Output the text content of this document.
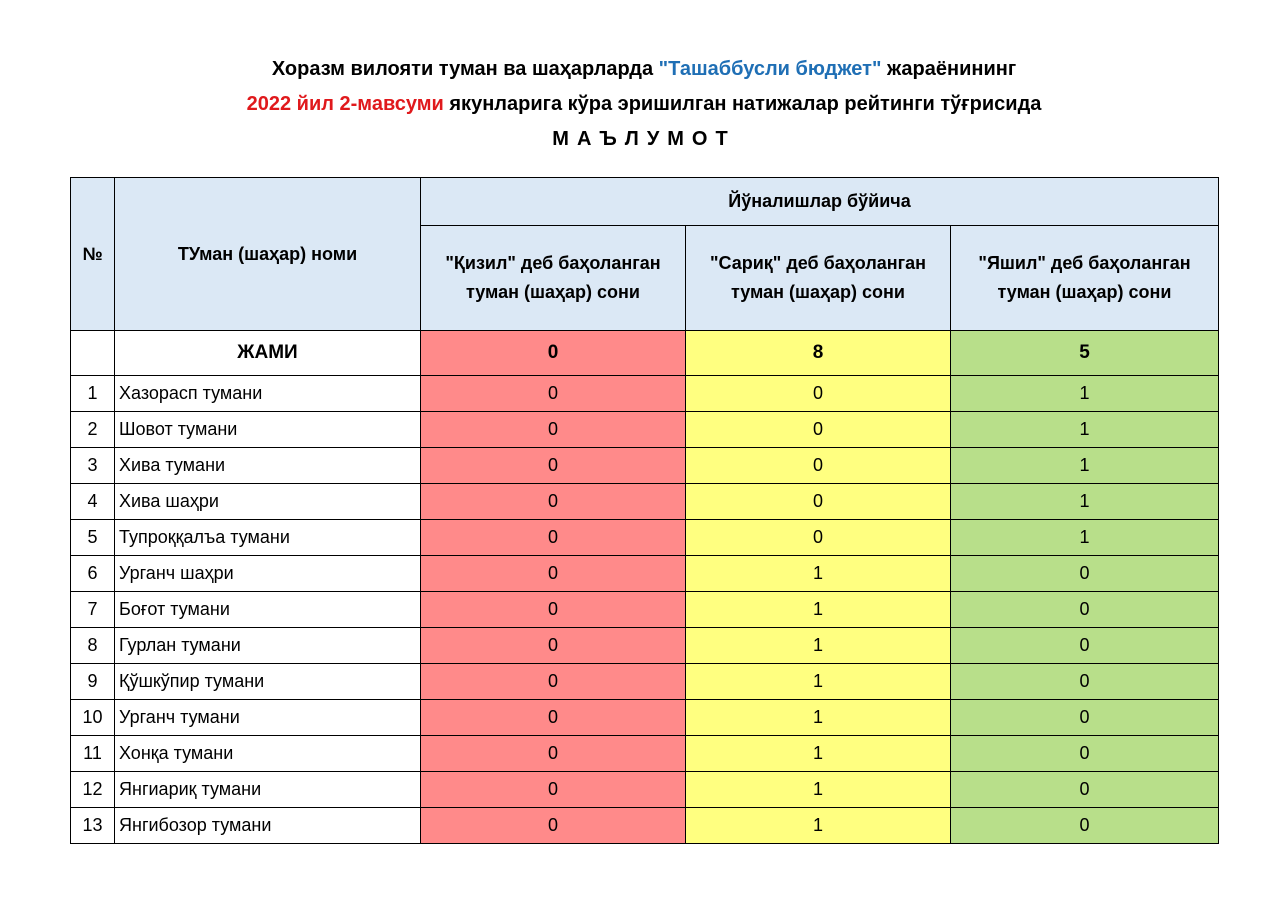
Хоразм вилояти туман ва шаҳарларда "Ташаббусли бюджет" жараёнининг
2022 йил 2-мавсуми якунларига кўра эришилган натижалар рейтинги тўғрисида
МАЪЛУМОТ
№	ТУман (шаҳар) номи	Йўналишлар бўйича		
		"Қизил" деб баҳоланган туман (шаҳар) сони	"Сариқ" деб баҳоланган туман (шаҳар) сони	"Яшил" деб баҳоланган туман (шаҳар) сони
	ЖАМИ	0	8	5
1	Хазорасп тумани	0	0	1
2	Шовот тумани	0	0	1
3	Хива тумани	0	0	1
4	Хива шаҳри	0	0	1
5	Тупроққалъа тумани	0	0	1
6	Урганч шаҳри	0	1	0
7	Боғот тумани	0	1	0
8	Гурлан тумани	0	1	0
9	Қўшкўпир тумани	0	1	0
10	Урганч тумани	0	1	0
11	Хонқа тумани	0	1	0
12	Янгиариқ тумани	0	1	0
13	Янгибозор тумани	0	1	0
